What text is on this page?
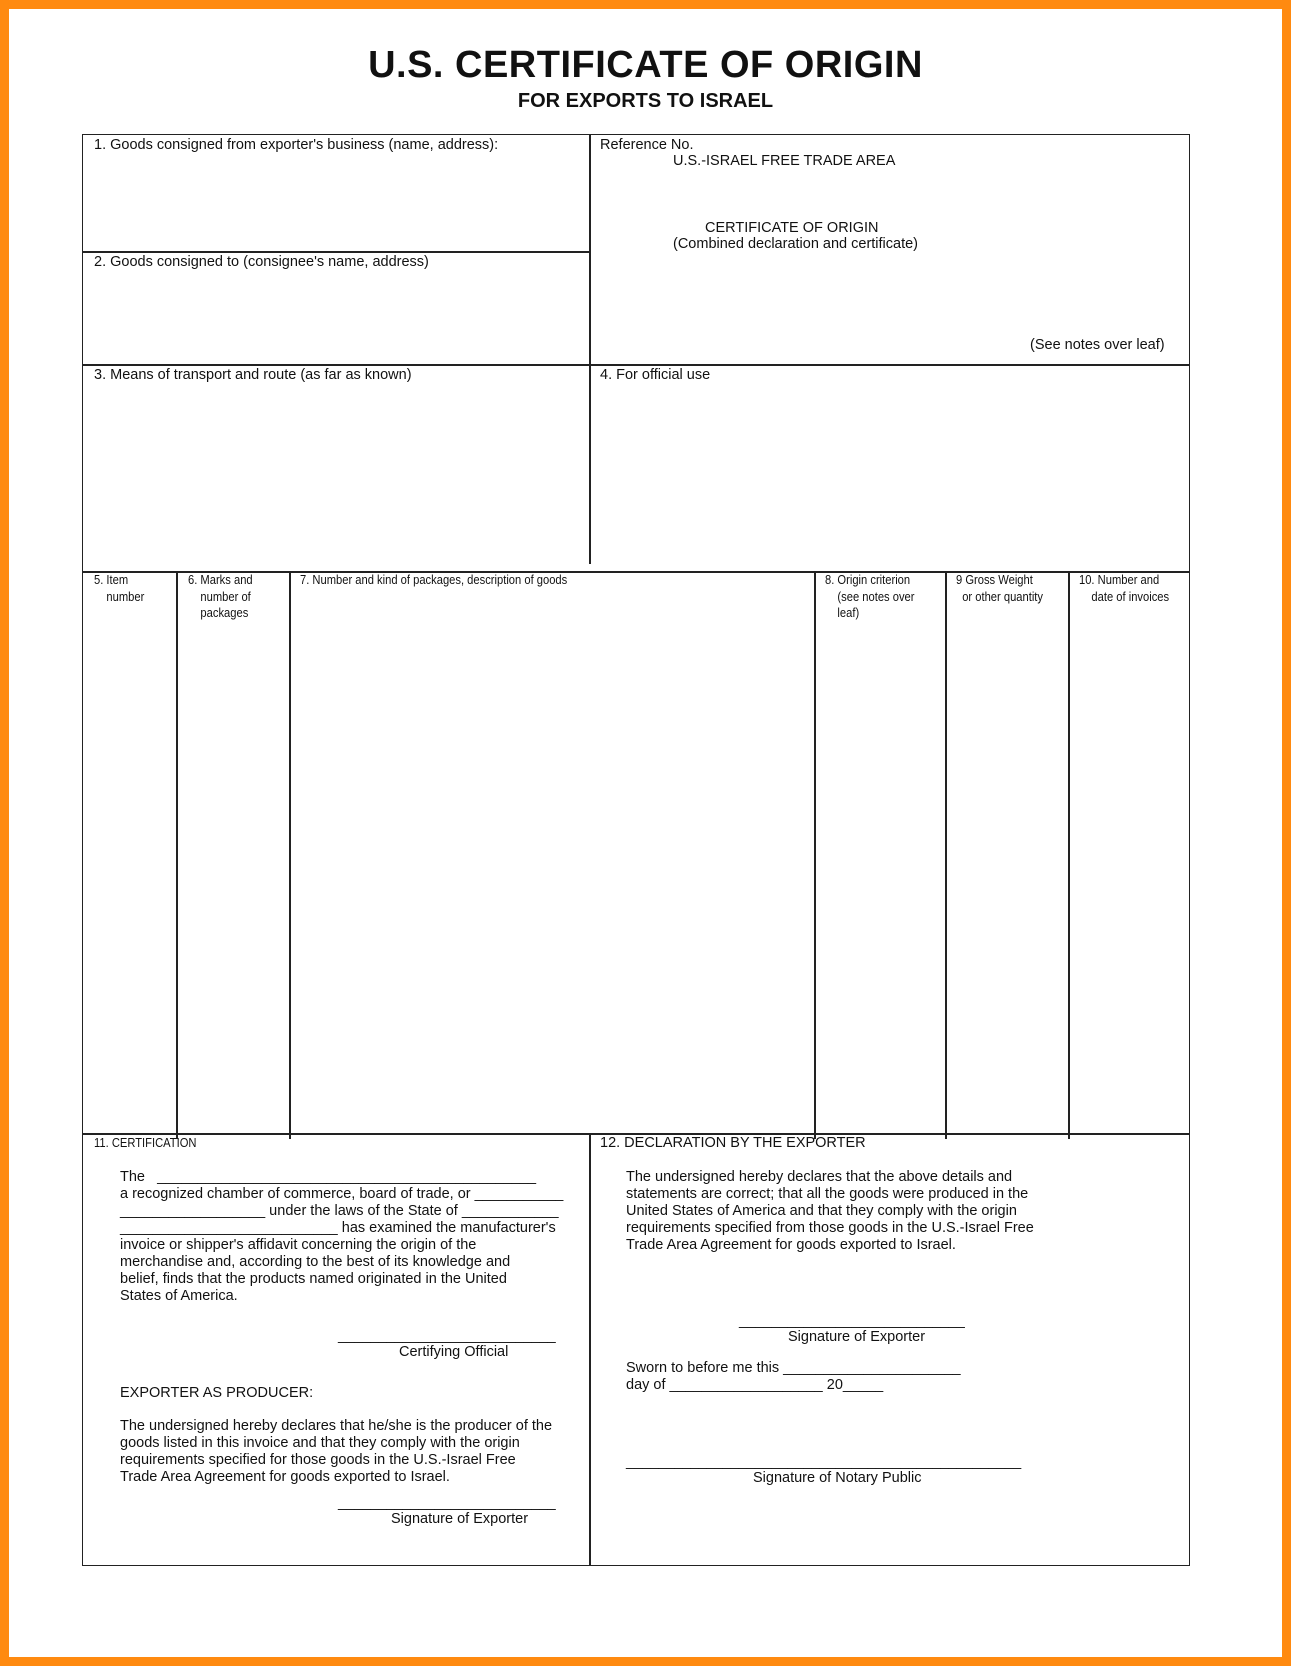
U.S. CERTIFICATE OF ORIGIN
FOR EXPORTS TO ISRAEL
1. Goods consigned from exporter's business (name, address):
2. Goods consigned to (consignee's name, address)
Reference No.
U.S.-ISRAEL FREE TRADE AREA
CERTIFICATE OF ORIGIN
(Combined declaration and certificate)
(See notes over leaf)
3. Means of transport and route (as far as known)	4. For official use
5. Item
number
6. Marks and
number of
packages
7. Number and kind of packages, description of goods	8. Origin criterion
(see notes over
leaf)
9 Gross Weight
or other quantity
10. Number and
date of invoices
11. CERTIFICATION
The   _______________________________________________
a recognized chamber of commerce, board of trade, or ___________
__________________ under the laws of the State of ____________
___________________________ has examined the manufacturer's
invoice or shipper's affidavit concerning the origin of the
merchandise and, according to the best of its knowledge and
belief, finds that the products named originated in the United
States of America.
___________________________
Certifying Official
EXPORTER AS PRODUCER:
The undersigned hereby declares that he/she is the producer of the
goods listed in this invoice and that they comply with the origin
requirements specified for those goods in the U.S.-Israel Free
Trade Area Agreement for goods exported to Israel.
___________________________
Signature of Exporter
12. DECLARATION BY THE EXPORTER
The undersigned hereby declares that the above details and
statements are correct; that all the goods were produced in the
United States of America and that they comply with the origin
requirements specified from those goods in the U.S.-Israel Free
Trade Area Agreement for goods exported to Israel.
____________________________
Signature of Exporter
Sworn to before me this ______________________
day of ___________________ 20_____
_________________________________________________
Signature of Notary Public
